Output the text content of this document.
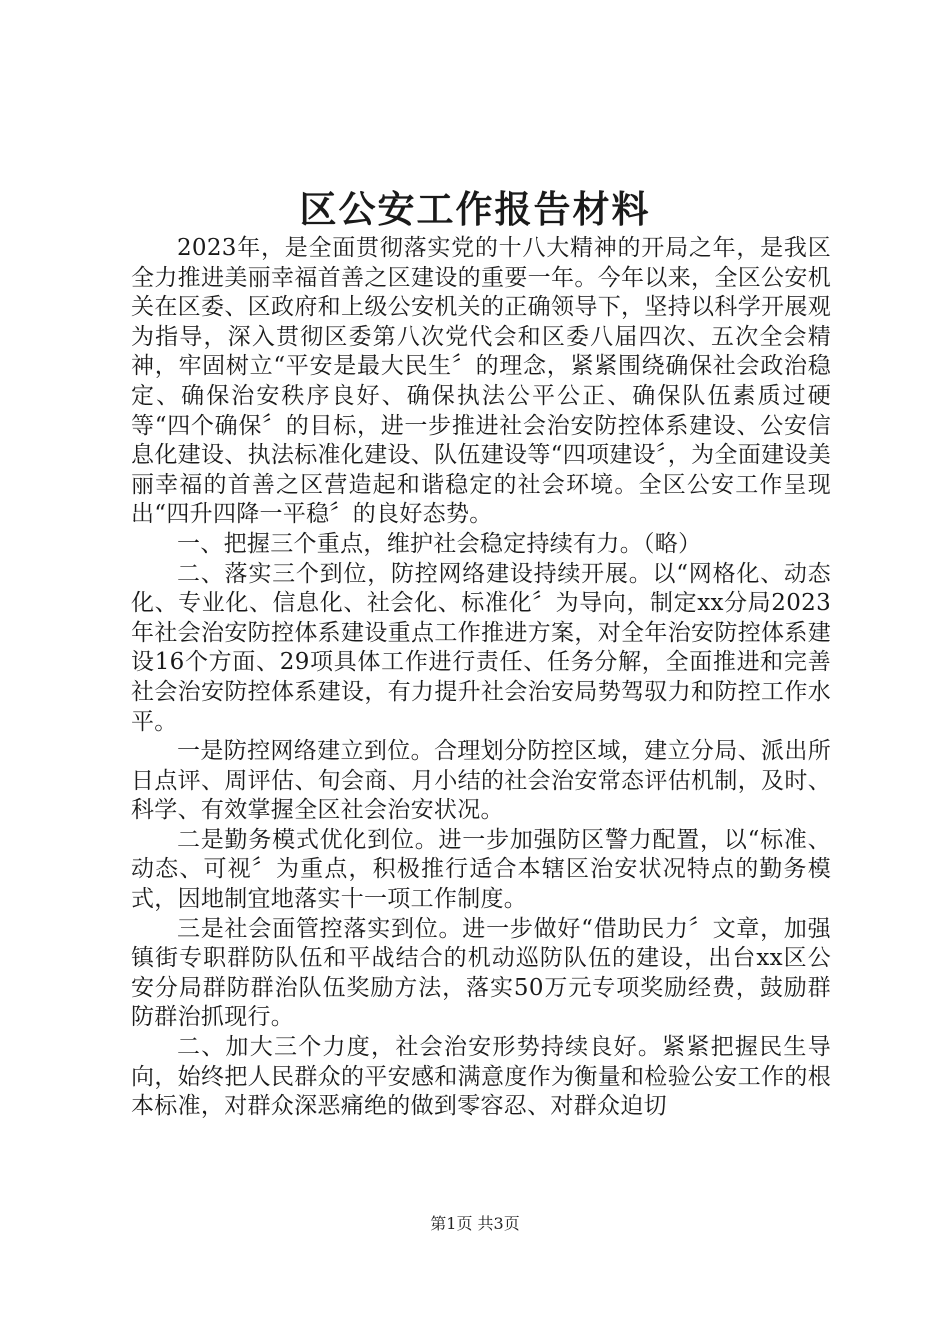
区公安工作报告材料

2023年，是全面贯彻落实党的十八大精神的开局之年，是我区全力推进美丽幸福首善之区建设的重要一年。今年以来，全区公安机关在区委、区政府和上级公安机关的正确领导下，坚持以科学开展观为指导，深入贯彻区委第八次党代会和区委八届四次、五次全会精神，牢固树立“平安是最大民生〞的理念，紧紧围绕确保社会政治稳定、确保治安秩序良好、确保执法公平公正、确保队伍素质过硬等“四个确保〞的目标，进一步推进社会治安防控体系建设、公安信息化建设、执法标准化建设、队伍建设等“四项建设〞，为全面建设美丽幸福的首善之区营造起和谐稳定的社会环境。全区公安工作呈现出“四升四降一平稳〞的良好态势。

一、把握三个重点，维护社会稳定持续有力。（略）

二、落实三个到位，防控网络建设持续开展。以“网格化、动态化、专业化、信息化、社会化、标准化〞为导向，制定xx分局2023年社会治安防控体系建设重点工作推进方案，对全年治安防控体系建设16个方面、29项具体工作进行责任、任务分解，全面推进和完善社会治安防控体系建设，有力提升社会治安局势驾驭力和防控工作水平。

一是防控网络建立到位。合理划分防控区域，建立分局、派出所日点评、周评估、旬会商、月小结的社会治安常态评估机制，及时、科学、有效掌握全区社会治安状况。

二是勤务模式优化到位。进一步加强防区警力配置，以“标准、动态、可视〞为重点，积极推行适合本辖区治安状况特点的勤务模式，因地制宜地落实十一项工作制度。

三是社会面管控落实到位。进一步做好“借助民力〞文章，加强镇街专职群防队伍和平战结合的机动巡防队伍的建设，出台xx区公安分局群防群治队伍奖励方法，落实50万元专项奖励经费，鼓励群防群治抓现行。

二、加大三个力度，社会治安形势持续良好。紧紧把握民生导向，始终把人民群众的平安感和满意度作为衡量和检验公安工作的根本标准，对群众深恶痛绝的做到零容忍、对群众迫切

第1页 共3页
